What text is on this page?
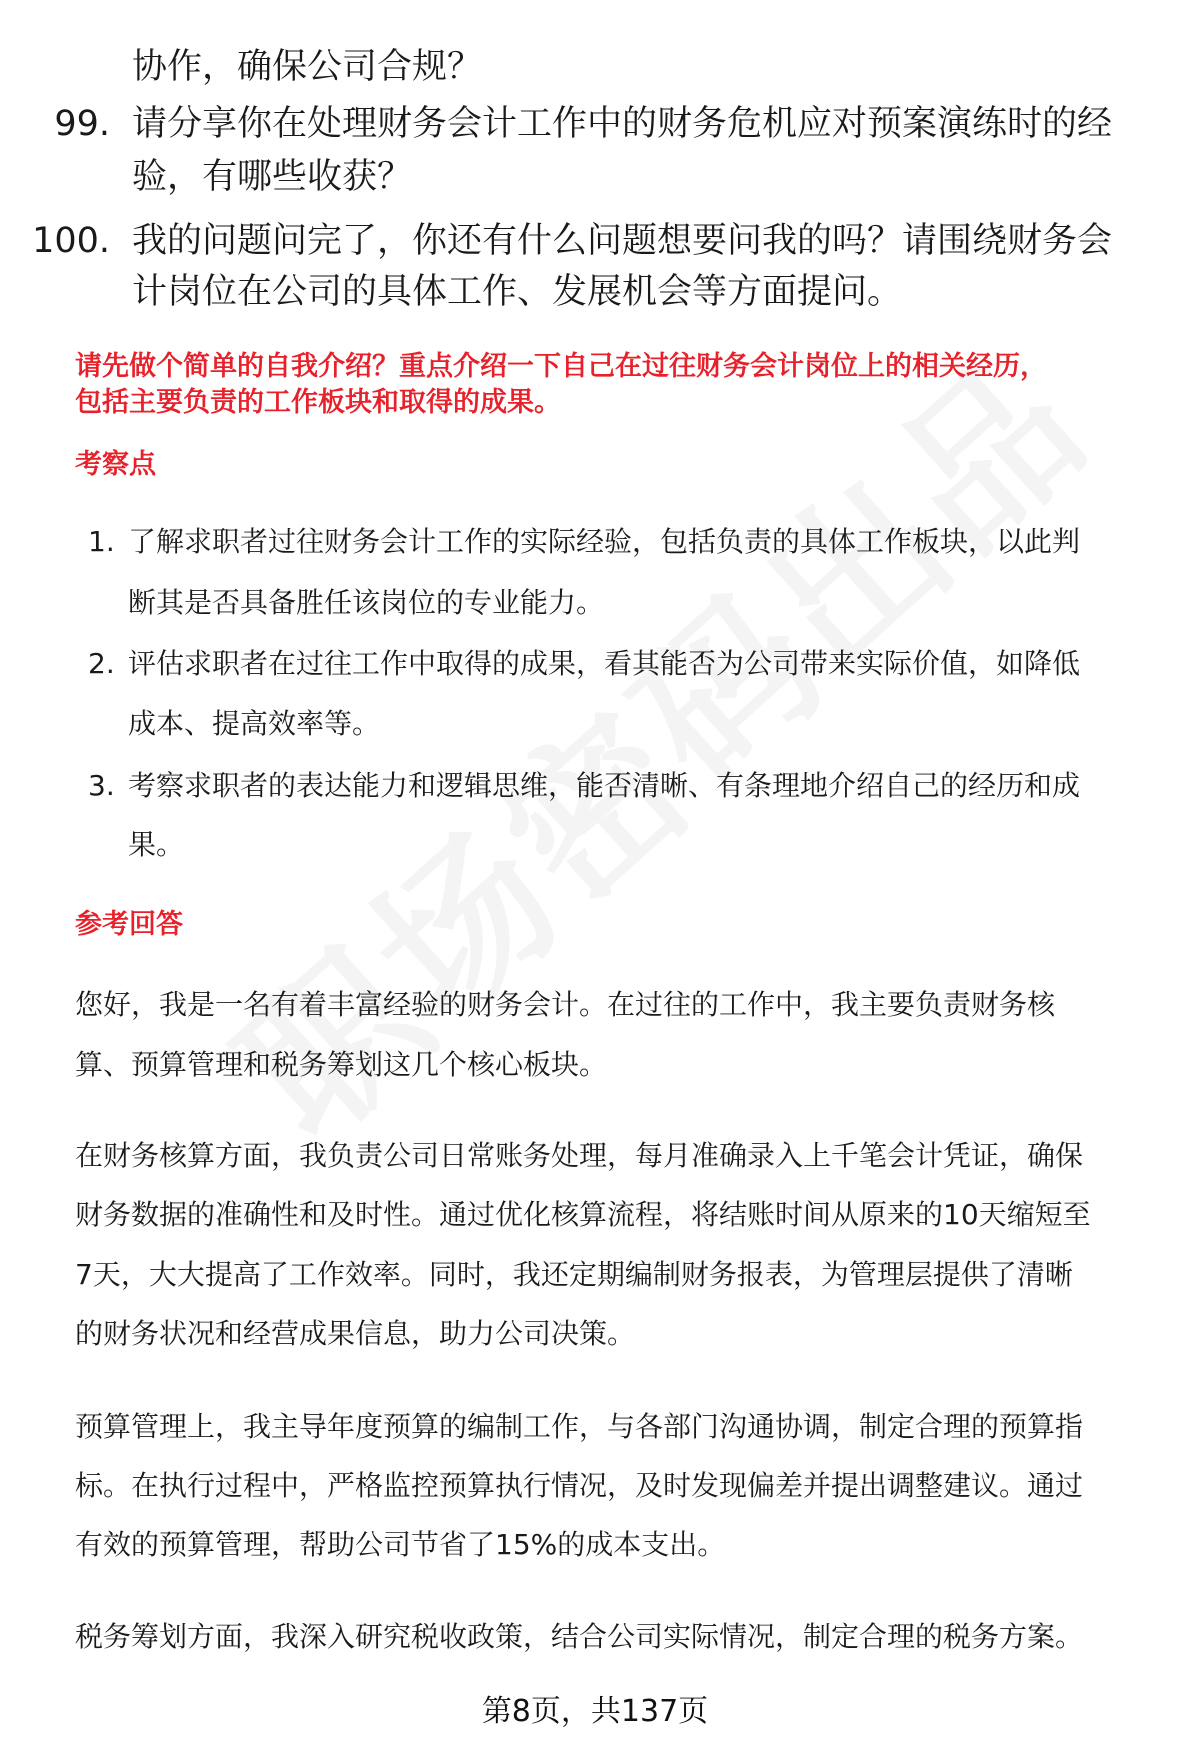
协作，确保公司合规？
99. 请分享你在处理财务会计工作中的财务危机应对预案演练时的经
验，有哪些收获？
100. 我的问题问完了，你还有什么问题想要问我的吗？请围绕财务会
计岗位在公司的具体工作、发展机会等方面提问。
请先做个简单的自我介绍？重点介绍一下自己在过往财务会计岗位上的相关经历，
包括主要负责的工作板块和取得的成果。
考察点
1. 了解求职者过往财务会计工作的实际经验，包括负责的具体工作板块，以此判
断其是否具备胜任该岗位的专业能力。
2. 评估求职者在过往工作中取得的成果，看其能否为公司带来实际价值，如降低
成本、提高效率等。
3. 考察求职者的表达能力和逻辑思维，能否清晰、有条理地介绍自己的经历和成
果。
参考回答
您好，我是一名有着丰富经验的财务会计。在过往的工作中，我主要负责财务核
算、预算管理和税务筹划这几个核心板块。
在财务核算方面，我负责公司日常账务处理，每月准确录入上千笔会计凭证，确保
财务数据的准确性和及时性。通过优化核算流程，将结账时间从原来的10天缩短至
7天，大大提高了工作效率。同时，我还定期编制财务报表，为管理层提供了清晰
的财务状况和经营成果信息，助力公司决策。
预算管理上，我主导年度预算的编制工作，与各部门沟通协调，制定合理的预算指
标。在执行过程中，严格监控预算执行情况，及时发现偏差并提出调整建议。通过
有效的预算管理，帮助公司节省了15%的成本支出。
税务筹划方面，我深入研究税收政策，结合公司实际情况，制定合理的税务方案。
第8页，共137页
